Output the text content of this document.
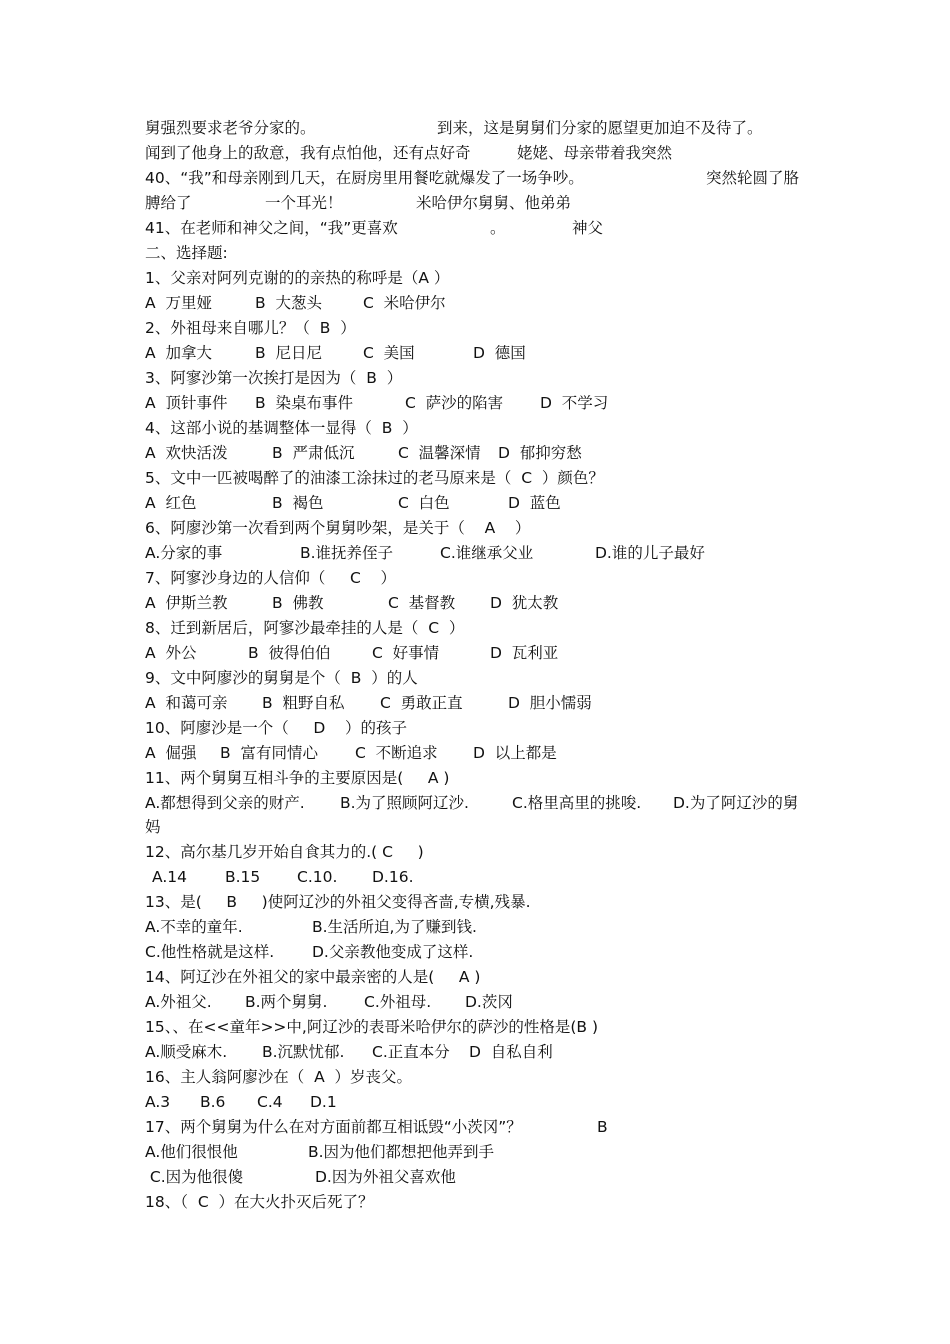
舅强烈要求老爷分家的。	到来，这是舅舅们分家的愿望更加迫不及待了。
闻到了他身上的敌意，我有点怕他，还有点好奇	姥姥、母亲带着我突然
40、“我”和母亲刚到几天，在厨房里用餐吃就爆发了一场争吵。	突然轮圆了胳
膊给了	一个耳光！	米哈伊尔舅舅、他弟弟
41、在老师和神父之间，“我”更喜欢	。	神父
二、选择题:
1、父亲对阿列克谢的的亲热的称呼是（A ）
A  万里娅	B  大葱头	C  米哈伊尔
2、外祖母来自哪儿？（  B  ）
A  加拿大	B  尼日尼	C  美国	D  德国
3、阿寥沙第一次挨打是因为（  B  ）
A  顶针事件 B  染桌布事件	C  萨沙的陷害 D  不学习
4、这部小说的基调整体一显得（  B  ）
A  欢快活泼	B  严肃低沉	C  温馨深情 D  郁抑穷愁
5、文中一匹被喝醉了的油漆工涂抹过的老马原来是（  C  ）颜色？
A  红色	B  褐色	C  白色	D  蓝色
6、阿廖沙第一次看到两个舅舅吵架，是关于（    A    ）
A.分家的事	B.谁抚养侄子	C.谁继承父业	D.谁的儿子最好
7、阿寥沙身边的人信仰（     C    ）
A  伊斯兰教	B  佛教	C  基督教 D  犹太教
8、迁到新居后，阿寥沙最牵挂的人是（  C  ）
A  外公	B  彼得伯伯	C  好事情	D  瓦利亚
9、文中阿廖沙的舅舅是个（  B  ）的人
A  和蔼可亲 B  粗野自私 C  勇敢正直	D  胆小懦弱
10、阿廖沙是一个（     D    ）的孩子
A  倔强 B  富有同情心 C  不断追求 D  以上都是
11、两个舅舅互相斗争的主要原因是(     A )
A.都想得到父亲的财产. B.为了照顾阿辽沙.	C.格里高里的挑唆. D.为了阿辽沙的舅
妈
12、高尔基几岁开始自食其力的.( C     )
A.14 B.15 C.10. D.16.
13、是(     B     )使阿辽沙的外祖父变得吝啬,专横,残暴.
A.不幸的童年.	B.生活所迫,为了赚到钱.
C.他性格就是这样. D.父亲教他变成了这样.
14、阿辽沙在外祖父的家中最亲密的人是(     A )
A.外祖父. B.两个舅舅. C.外祖母. D.茨冈
15、、在<<童年>>中,阿辽沙的表哥米哈伊尔的萨沙的性格是(B )
A.顺受麻木. B.沉默忧郁. C.正直本分 D  自私自利
16、主人翁阿廖沙在（  A  ）岁丧父。
A.3 B.6 C.4 D.1
17、两个舅舅为什么在对方面前都互相诋毁“小茨冈”？	B
A.他们很恨他	B.因为他们都想把他弄到手
C.因为他很傻	D.因为外祖父喜欢他
18、（  C  ）在大火扑灭后死了？
